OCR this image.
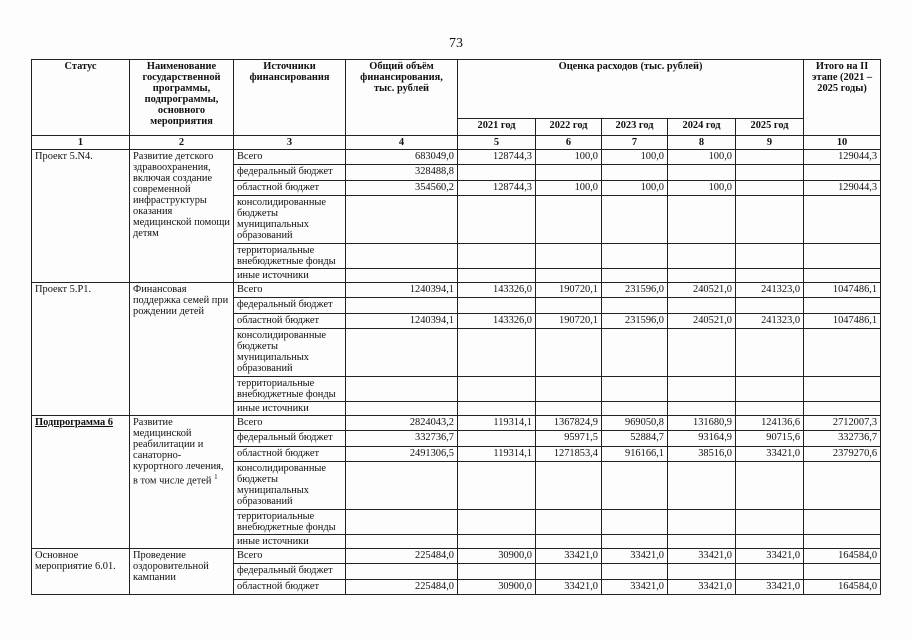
73
Статус	Наименование государственной программы, подпрограммы, основного мероприятия	Источники финансирования	Общий объём финансирования, тыс. рублей	Оценка расходов (тыс. рублей)					Итого на II этапе (2021 – 2025 годы)
				2021 год	2022 год	2023 год	2024 год	2025 год	
1	2	3	4	5	6	7	8	9	10
Проект 5.N4.	Развитие детского здравоохранения, включая создание современной инфраструктуры оказания медицинской помощи детям	Всего	683049,0	128744,3	100,0	100,0	100,0		129044,3
		федеральный бюджет	328488,8						
		областной бюджет	354560,2	128744,3	100,0	100,0	100,0		129044,3
		консолидированные бюджеты муниципальных образований							
		территориальные внебюджетные фонды							
		иные источники							
Проект 5.Р1.	Финансовая поддержка семей при рождении детей	Всего	1240394,1	143326,0	190720,1	231596,0	240521,0	241323,0	1047486,1
		федеральный бюджет							
		областной бюджет	1240394,1	143326,0	190720,1	231596,0	240521,0	241323,0	1047486,1
		консолидированные бюджеты муниципальных образований							
		территориальные внебюджетные фонды							
		иные источники							
Подпрограмма 6	Развитие медицинской реабилитации и санаторно-курортного лечения, в том числе детей $^1$	Всего	2824043,2	119314,1	1367824,9	969050,8	131680,9	124136,6	2712007,3
		федеральный бюджет	332736,7		95971,5	52884,7	93164,9	90715,6	332736,7
		областной бюджет	2491306,5	119314,1	1271853,4	916166,1	38516,0	33421,0	2379270,6
		консолидированные бюджеты муниципальных образований							
		территориальные внебюджетные фонды							
		иные источники							
Основное мероприятие 6.01.	Проведение оздоровительной кампании	Всего	225484,0	30900,0	33421,0	33421,0	33421,0	33421,0	164584,0
		федеральный бюджет							
		областной бюджет	225484,0	30900,0	33421,0	33421,0	33421,0	33421,0	164584,0
